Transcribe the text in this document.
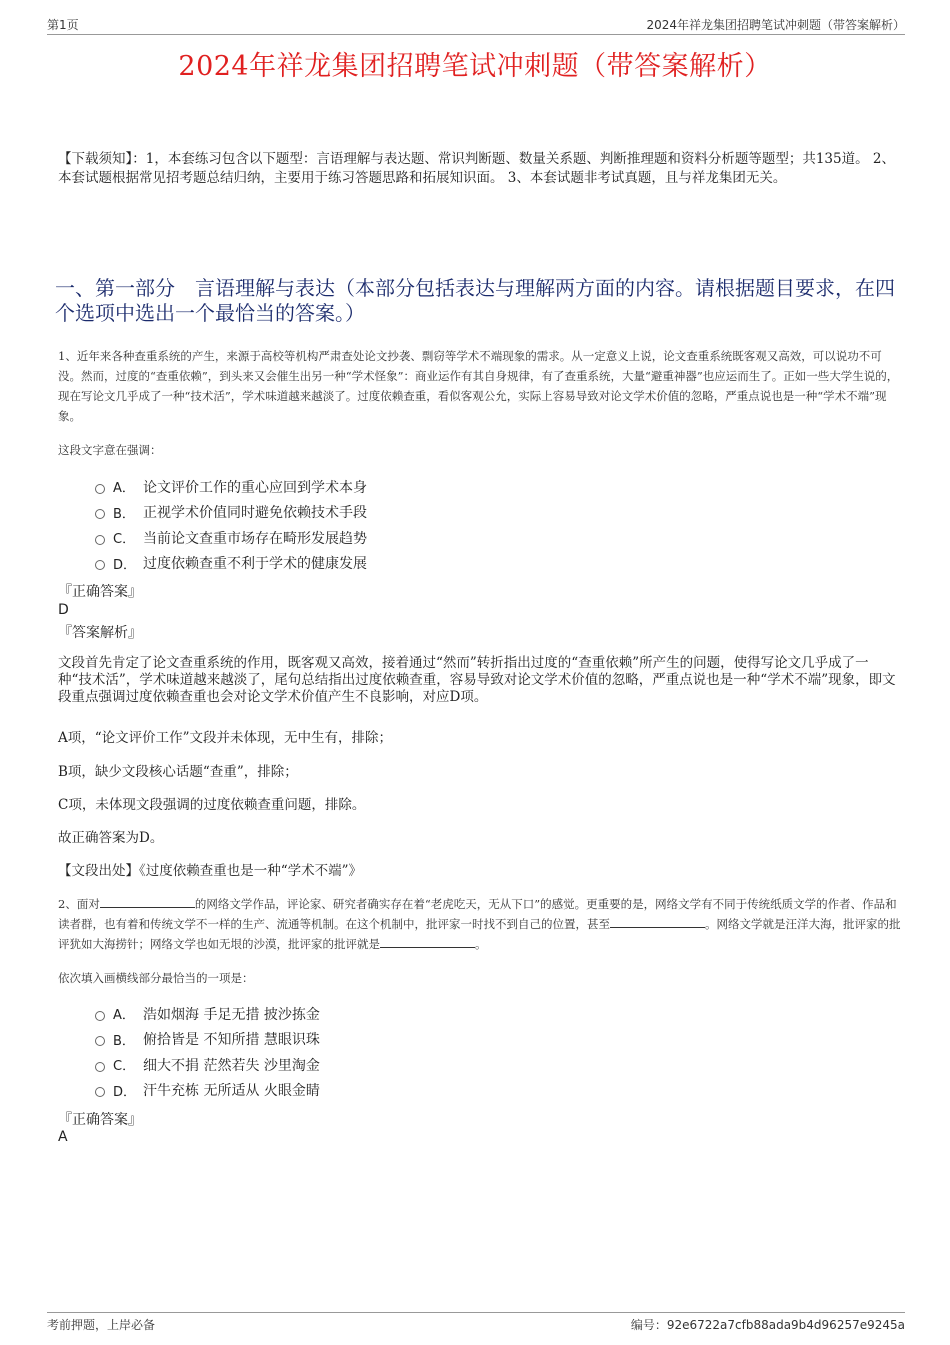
第1页	2024年祥龙集团招聘笔试冲刺题（带答案解析）
2024年祥龙集团招聘笔试冲刺题（带答案解析）
【下载须知】：1，本套练习包含以下题型：言语理解与表达题、常识判断题、数量关系题、判断推理题和资料分析题等题型；共135道。 2、本套试题根据常见招考题总结归纳，主要用于练习答题思路和拓展知识面。 3、本套试题非考试真题，且与祥龙集团无关。
一、第一部分　言语理解与表达（本部分包括表达与理解两方面的内容。请根据题目要求，在四个选项中选出一个最恰当的答案。）
1、近年来各种查重系统的产生，来源于高校等机构严肃查处论文抄袭、剽窃等学术不端现象的需求。从一定意义上说，论文查重系统既客观又高效，可以说功不可没。然而，过度的“查重依赖”，到头来又会催生出另一种“学术怪象”：商业运作有其自身规律，有了查重系统，大量“避重神器”也应运而生了。正如一些大学生说的，现在写论文几乎成了一种“技术活”，学术味道越来越淡了。过度依赖查重，看似客观公允，实际上容易导致对论文学术价值的忽略，严重点说也是一种“学术不端”现象。
这段文字意在强调：
A． 论文评价工作的重心应回到学术本身
B． 正视学术价值同时避免依赖技术手段
C． 当前论文查重市场存在畸形发展趋势
D． 过度依赖查重不利于学术的健康发展
『正确答案』
D
『答案解析』
文段首先肯定了论文查重系统的作用，既客观又高效，接着通过“然而”转折指出过度的“查重依赖”所产生的问题，使得写论文几乎成了一种“技术活”，学术味道越来越淡了，尾句总结指出过度依赖查重，容易导致对论文学术价值的忽略，严重点说也是一种“学术不端”现象，即文段重点强调过度依赖查重也会对论文学术价值产生不良影响，对应D项。
A项，“论文评价工作”文段并未体现，无中生有，排除；
B项，缺少文段核心话题“查重”，排除；
C项，未体现文段强调的过度依赖查重问题，排除。
故正确答案为D。
【文段出处】《过度依赖查重也是一种“学术不端”》
2、面对	的网络文学作品，评论家、研究者确实存在着“老虎吃天，无从下口”的感觉。更重要的是，网络文学有不同于传统纸质文学的作者、作品和读者群，也有着和传统文学不一样的生产、流通等机制。在这个机制中，批评家一时找不到自己的位置，甚至	。网络文学就是汪洋大海，批评家的批评犹如大海捞针；网络文学也如无垠的沙漠，批评家的批评就是	。
依次填入画横线部分最恰当的一项是：
A． 浩如烟海 手足无措 披沙拣金
B． 俯拾皆是 不知所措 慧眼识珠
C． 细大不捐 茫然若失 沙里淘金
D． 汗牛充栋 无所适从 火眼金睛
『正确答案』
A
考前押题，上岸必备	编号：92e6722a7cfb88ada9b4d96257e9245a
